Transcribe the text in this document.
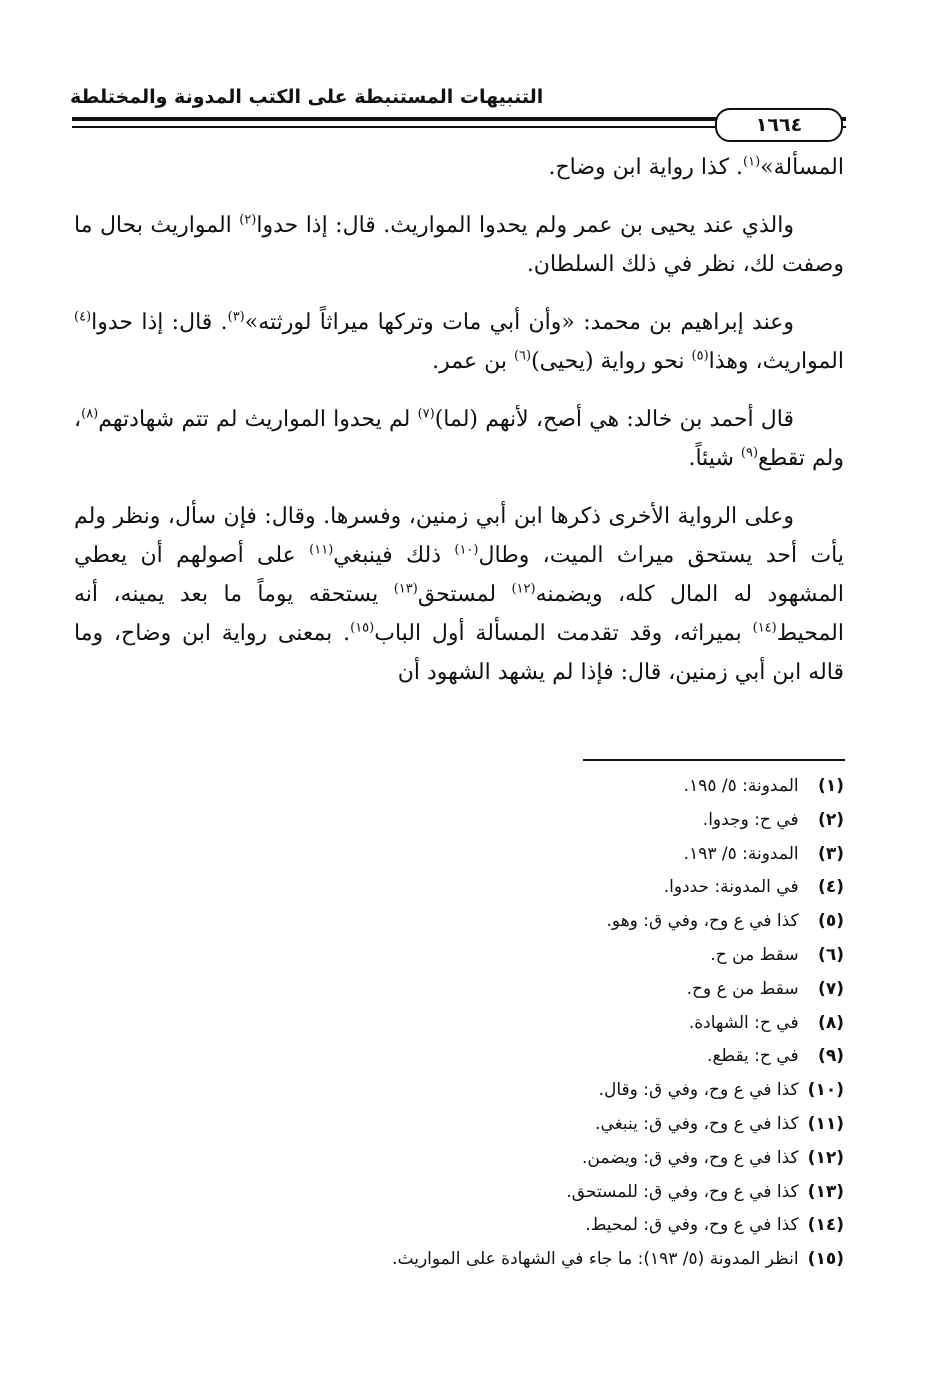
التنبيهات المستنبطة على الكتب المدونة والمختلطة
١٦٦٤

المسألة»$^{(١)}$. كذا رواية ابن وضاح.

والذي عند يحيى بن عمر ولم يحدوا المواريث. قال: إذا حدوا$^{(٢)}$ المواريث بحال ما وصفت لك، نظر في ذلك السلطان.

وعند إبراهيم بن محمد: «وأن أبي مات وتركها ميراثاً لورثته»$^{(٣)}$. قال: إذا حدوا$^{(٤)}$ المواريث، وهذا$^{(٥)}$ نحو رواية (يحيى)$^{(٦)}$ بن عمر.

قال أحمد بن خالد: هي أصح، لأنهم (لما)$^{(٧)}$ لم يحدوا المواريث لم تتم شهادتهم$^{(٨)}$، ولم تقطع$^{(٩)}$ شيئاً.

وعلى الرواية الأخرى ذكرها ابن أبي زمنين، وفسرها. وقال: فإن سأل، ونظر ولم يأت أحد يستحق ميراث الميت، وطال$^{(١٠)}$ ذلك فينبغي$^{(١١)}$ على أصولهم أن يعطي المشهود له المال كله، ويضمنه$^{(١٢)}$ لمستحق$^{(١٣)}$ يستحقه يوماً ما بعد يمينه، أنه المحيط$^{(١٤)}$ بميراثه، وقد تقدمت المسألة أول الباب$^{(١٥)}$. بمعنى رواية ابن وضاح، وما قاله ابن أبي زمنين، قال: فإذا لم يشهد الشهود أن

(١) المدونة: ٥/ ١٩٥.
(٢) في ح: وجدوا.
(٣) المدونة: ٥/ ١٩٣.
(٤) في المدونة: حددوا.
(٥) كذا في ع وح، وفي ق: وهو.
(٦) سقط من ح.
(٧) سقط من ع وح.
(٨) في ح: الشهادة.
(٩) في ح: يقطع.
(١٠) كذا في ع وح، وفي ق: وقال.
(١١) كذا في ع وح، وفي ق: ينبغي.
(١٢) كذا في ع وح، وفي ق: ويضمن.
(١٣) كذا في ع وح، وفي ق: للمستحق.
(١٤) كذا في ع وح، وفي ق: لمحيط.
(١٥) انظر المدونة (٥/ ١٩٣): ما جاء في الشهادة على المواريث.
